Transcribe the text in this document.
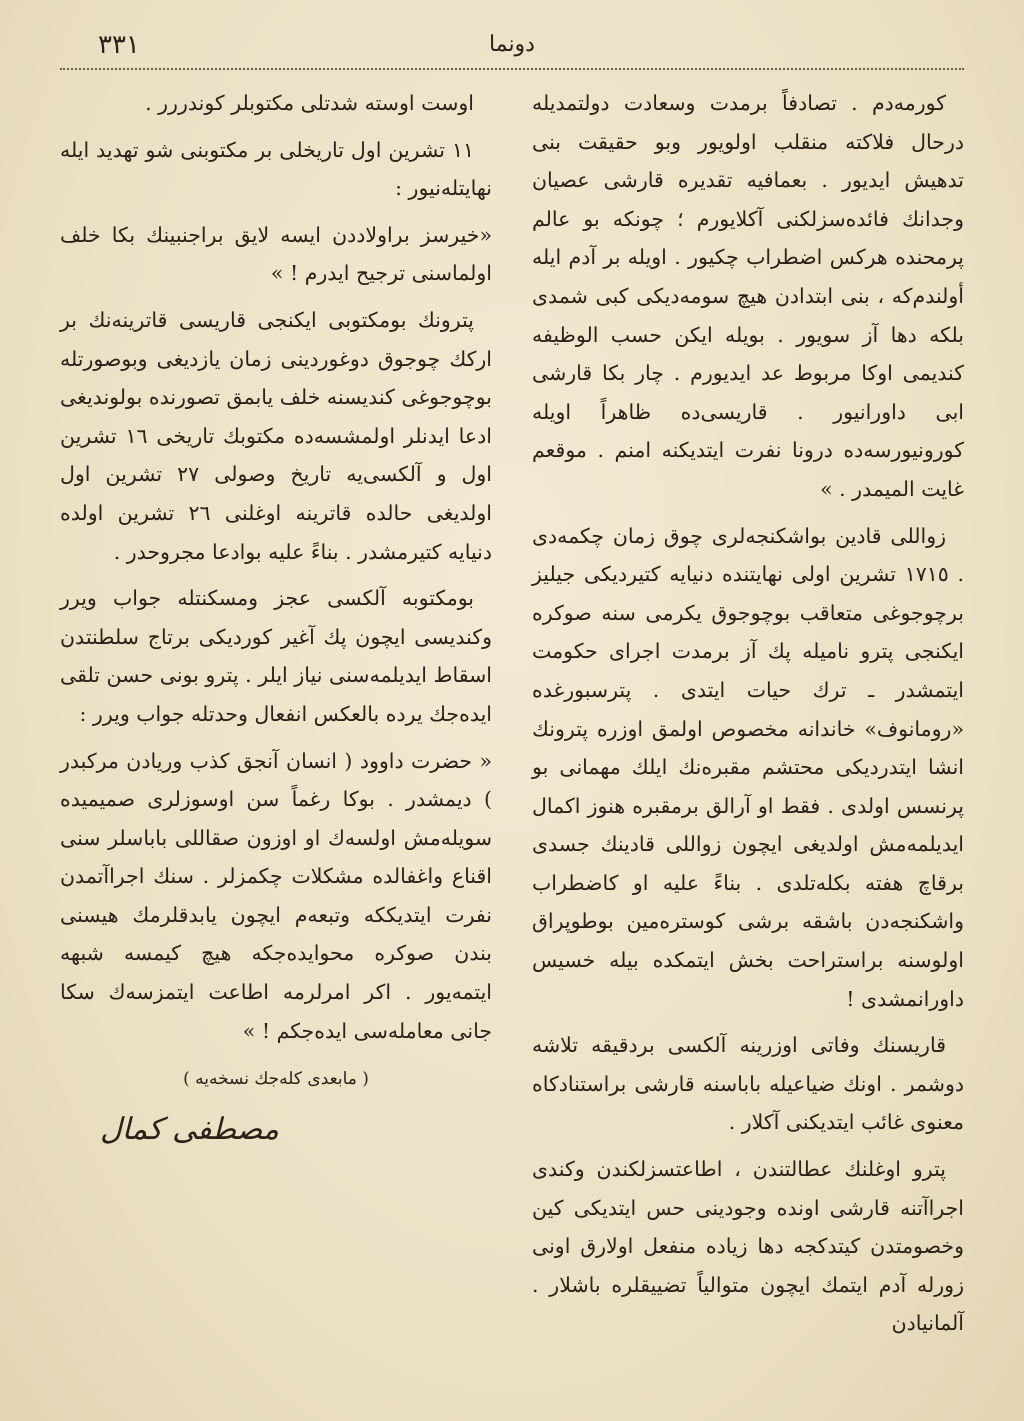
٣٣١	دونما

كورمه‌دم . تصادفاً برمدت وسعادت دولتمديله درحال فلاكته منقلب اولويور وبو حقيقت بنى تدهيش ايديور . بعمافيه تقديره قارشى عصيان وجدانك فائده‌سزلكنى آكلايورم ؛ چونكه بو عالم پرمحنده هركس اضطراب چكيور . اويله بر آدم ايله أولندم‌كه ، بنى ابتدادن هيچ سومه‌ديكى كبى شمدى بلكه دها آز سويور . بويله ايكن حسب الوظيفه كنديمى اوكا مربوط عد ايديورم . چار بكا قارشى ابى داورانيور . قاريسى‌ده ظاهراً اويله كورونيورسه‌ده درونا نفرت ايتديكنه امنم . موقعم غايت الميمدر . »

زواللى قادين بواشكنجه‌لرى چوق زمان چكمه‌دى . ١٧١٥ تشرين اولى نهايتنده دنيايه كتيرديكى جيليز برچوجوغى متعاقب بوچوجوق يكرمى سنه صوكره ايكنجى پترو ناميله پك آز برمدت اجراى حكومت ايتمشدر ـ ترك حيات ايتدى . پترسبورغده «رومانوف» خاندانه مخصوص اولمق اوزره پترونك انشا ايتدرديكى محتشم مقبره‌نك ايلك مهمانى بو پرنسس اولدى . فقط او آرالق برمقبره هنوز اكمال ايديلمه‌مش اولديغى ايچون زواللى قادينك جسدى برقاچ هفته بكله‌تلدى . بناءً عليه‌ او كاضطراب واشكنجه‌دن باشقه برشى كوستره‌مين بوطوپراق اولوسنه براستراحت بخش ايتمكده بيله خسيس داورانمشدى !

قاريسنك وفاتى اوزرينه آلكسى بردقيقه تلاشه دوشمر . اونك ضياعيله باباسنه قارشى براستنادكاه معنوى غائب ايتديكنى آكلار .

پترو اوغلنك عطالتندن ، اطاعتسزلكندن وكندى اجراآتنه قارشى اونده وجودينى حس ايتديكى كين وخصومتدن كيتدكجه دها زياده منفعل اولارق اونى زورله آدم ايتمك ايچون متوالياً تضييقلره باشلار . آلمانيادن

اوست اوسته شدتلى مكتوبلر كوندررر .

١١ تشرين اول تاريخلى بر مكتوبنى شو تهديد ايله نهايتله‌نيور :

«خيرسز براولاددن ايسه لايق براجنبينك بكا خلف اولماسنى ترجيح ايدرم ! »

پترونك بومكتوبى ايكنجى قاريسى قاترينه‌نك بر اركك چوجوق دوغوردينى زمان يازديغى وبوصورتله بوچوجوغى كنديسنه خلف يابمق تصورنده بولونديغى ادعا ايدنلر اولمشسه‌ده مكتوبك تاريخى ١٦ تشرين اول و آلكسى‌يه تاريخ وصولى ٢٧ تشرين اول اولديغى حالده قاترينه اوغلنى ٢٦ تشرين اولده دنيايه كتيرمشدر . بناءً عليه بوادعا مجروحدر .

بومكتوبه آلكسى عجز ومسكنتله جواب ويرر وكنديسى ايچون پك آغير كورديكى برتاج سلطنتدن اسقاط ايديلمه‌سنى نياز ايلر . پترو بونى حسن تلقى ايده‌جك يرده بالعكس انفعال وحدتله جواب ويرر :

« حضرت داوود ( انسان آنجق كذب وريادن مركبدر ) ديمشدر . بوكا رغماً سن اوسوزلرى صميميده سويله‌مش اولسه‌ك او اوزون صقاللى باباسلر سنى اقناع واغفالده مشكلات چكمزلر . سنك اجراآتمدن نفرت ايتديككه وتبعه‌م ايچون يابدقلرمك هيسنى بندن صوكره محوايده‌جكه هيچ كيمسه شبهه ايتمه‌يور . اكر امرلرمه اطاعت ايتمزسه‌ك سكا جانى معامله‌سى ايده‌جكم ! »

( مابعدى كله‌جك نسخه‌يه )
مصطفى كمال
